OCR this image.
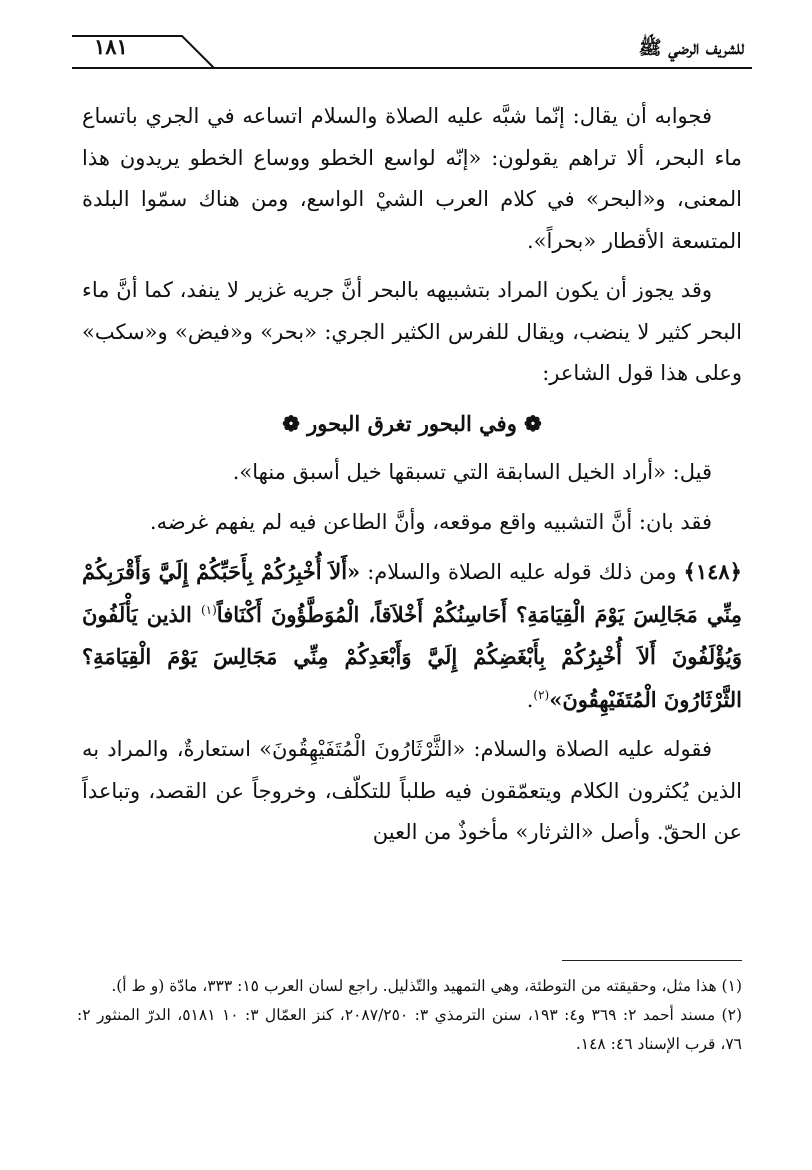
للشريف الرضي ﷺ
١٨١

فجوابه أن يقال: إنّما شبَّه عليه الصلاة والسلام اتساعه في الجري باتساع ماء البحر، ألا تراهم يقولون: «إنّه لواسع الخطو ووساع الخطو يريدون هذا المعنى، و«البحر» في كلام العرب الشيْ الواسع، ومن هناك سمّوا البلدة المتسعة الأقطار «بحراً».

وقد يجوز أن يكون المراد بتشبيهه بالبحر أنَّ جريه غزير لا ينفد، كما أنَّ ماء البحر كثير لا ينضب، ويقال للفرس الكثير الجري: «بحر» و«فيض» و«سكب» وعلى هذا قول الشاعر:

❁ وفي البحور تغرق البحور ❁

قيل: «أراد الخيل السابقة التي تسبقها خيل أسبق منها».

فقد بان: أنَّ التشبيه واقع موقعه، وأنَّ الطاعن فيه لم يفهم غرضه.

﴿١٤٨﴾ ومن ذلك قوله عليه الصلاة والسلام: «أَلاَ أُخْبِرُكُمْ بِأَحَبِّكُمْ إِلَيَّ وَأَقْرَبِكُمْ مِنِّي مَجَالِسَ يَوْمَ الْقِيَامَةِ؟ أَحَاسِنُكُمْ أَخْلاَقاً، الْمُوَطَّؤُونَ أَكْنَافاً$^{(١)}$ الذين يَأْلَفُونَ وَيُؤْلَفُونَ أَلاَ أُخْبِرُكُمْ بِأَبْغَضِكُمْ إِلَيَّ وَأَبْعَدِكُمْ مِنِّي مَجَالِسَ يَوْمَ الْقِيَامَةِ؟ الثَّرْثَارُونَ الْمُتَفَيْهِقُونَ»$^{(٢)}$.

فقوله عليه الصلاة والسلام: «الثَّرْثَارُونَ الْمُتَفَيْهِقُونَ» استعارةٌ، والمراد به الذين يُكثرون الكلام ويتعمّقون فيه طلباً للتكلّف، وخروجاً عن القصد، وتباعداً عن الحقّ. وأصل «الثرثار» مأخوذٌ من العين

(١) هذا مثل، وحقيقته من التوطئة، وهي التمهيد والتّذليل. راجع لسان العرب ١٥: ٣٣٣، مادّة (و ط أ).

(٢) مسند أحمد ٢: ٣٦٩ و٤: ١٩٣، سنن الترمذي ٣: ٢٠٨٧/٢٥٠، كنز العمّال ٣: ١٠ ٥١٨١، الدرّ المنثور ٢: ٧٦، قرب الإسناد ٤٦: ١٤٨.
